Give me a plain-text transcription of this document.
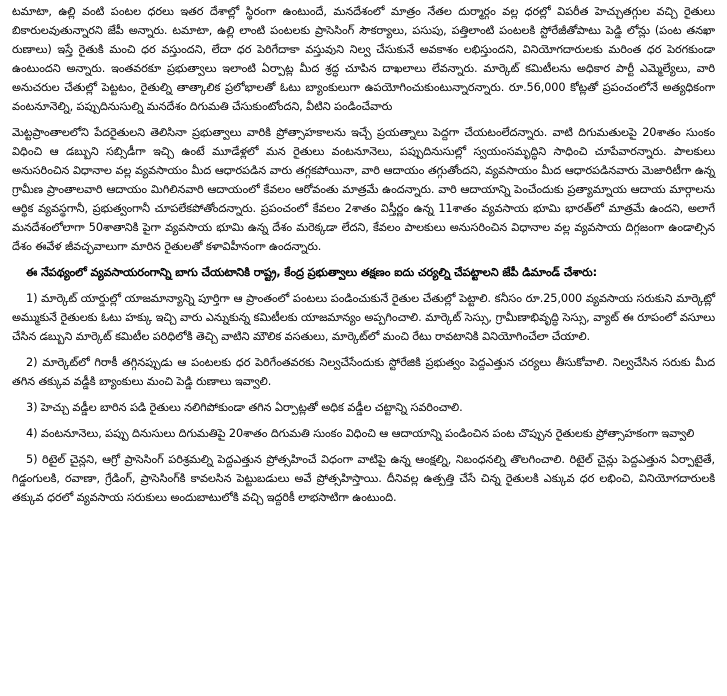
టమాటా, ఉల్లి వంటి పంటల ధరలు ఇతర దేశాల్లో స్థిరంగా ఉంటుందే, మనదేశంలో మాత్రం నేతల దుర్మార్గం వల్ల ధరల్లో విపరీత హెచ్చుతగ్గుల వచ్చి రైతులు బికారులవుతున్నారని జేపీ అన్నారు. టమాటా, ఉల్లి లాంటి పంటలకు ప్రాసెసింగ్ సౌకర్యాలు, పసుపు, పత్తిలాంటి పంటలకి స్టోరేజీతోపాటు పెడ్డి లోన్లు (పంట తనఖా రుణాలు) ఇస్తే రైతుకి మంచి ధర వస్తుందని, లేదా ధర పెరిగేదాకా వస్తువుని నిల్వ చేసుకునే అవకాశం లభిస్తుందని, వినియోగదారులకు మరింత ధర పెరగకుండా ఉంటుందని అన్నారు. ఇంతవరకూ ప్రభుత్వాలు ఇలాంటి ఏర్పాట్ల మీద శ్రద్ధ చూపిన దాఖలాలు లేవన్నారు. మార్కెట్ కమిటీలను అధికార పార్టీ ఎమ్మెల్యేలు, వారి అనుచరుల చేతుల్లో పెట్టటం, రైతుల్ని తాత్కాలిక ప్రలోభాలతో ఓటు బ్యాంకులుగా ఉపయోగించుకుంటున్నారన్నారు. రూ.56,000 కోట్లతో ప్రపంచంలోనే అత్యధికంగా వంటనూనెల్ని, పప్పుదినుసుల్ని మనదేశం దిగుమతి చేసుకుంటోందని, వీటిని పండించేవారు

మెట్టప్రాంతాలలోని పేదరైతులని తెలిసినా ప్రభుత్వాలు వారికి ప్రోత్సాహకాలను ఇచ్చే ప్రయత్నాలు పెద్దగా చేయటంలేదన్నారు. వాటి దిగుమతులపై 20శాతం సుంకం విధించి ఆ డబ్బుని సబ్సిడీగా ఇచ్చి ఉంటే మూడేళ్లలో మన రైతులు వంటనూనెలు, పప్పుదినుసుల్లో స్వయంసమృద్ధిని సాధించి చూపేవారన్నారు. పాలకులు అనుసరించిన విధానాల వల్ల వ్యవసాయం మీద ఆధారపడిన వారు తగ్గకపోయినా, వారి ఆదాయం తగ్గుతోందని, వ్యవసాయం మీద ఆధారపడినవారు మెజారిటీగా ఉన్న గ్రామీణ ప్రాంతాలవారి ఆదాయం మిగిలినవారి ఆదాయంలో కేవలం ఆరోవంతు మాత్రమే ఉందన్నారు. వారి ఆదాయాన్ని పెంచేందుకు ప్రత్యామ్నాయ ఆదాయ మార్గాలను ఆర్థిక వ్యవస్థగానీ, ప్రభుత్వంగానీ చూపలేకపోతోందన్నారు. ప్రపంచంలో కేవలం 2శాతం విస్తీర్ణం ఉన్న 11శాతం వ్యవసాయ భూమి భారత్‌లో మాత్రమే ఉందని, అలాగే మనదేశంలోలాగా 50శాతానికి పైగా వ్యవసాయ భూమి ఉన్న దేశం మరెక్కడా లేదని, కేవలం పాలకులు అనుసరించిన విధానాల వల్ల వ్యవసాయ దిగ్గజంగా ఉండాల్సిన దేశం ఈవేళ జీవచ్ఛవాలుగా మారిన రైతులతో కళావిహీనంగా ఉందన్నారు.

ఈ నేపథ్యంలో వ్యవసాయరంగాన్ని బాగు చేయటానికి రాష్ట్ర, కేంద్ర ప్రభుత్వాలు తక్షణం ఐదు చర్యల్ని చేపట్టాలని జేపీ డిమాండ్ చేశారు:

1) మార్కెట్ యార్డుల్లో యాజమాన్యాన్ని పూర్తిగా ఆ ప్రాంతంలో పంటలు పండించుకునే రైతుల చేతుల్లో పెట్టాలి. కనీసం రూ.25,000 వ్యవసాయ సరుకుని మార్కెట్లో అమ్ముకునే రైతులకు ఓటు హక్కు ఇచ్చి వారు ఎన్నుకున్న కమిటీలకు యాజమాన్యం అప్పగించాలి. మార్కెట్ సెస్సు, గ్రామీణాభివృద్ధి సెస్సు, వ్యాట్ ఈ రూపంలో వసూలు చేసిన డబ్బుని మార్కెట్ కమిటీల పరిధిలోకి తెచ్చి వాటిని మౌలిక వసతులు, మార్కెట్‌లో మంచి రేటు రావటానికి వినియోగించేలా చేయాలి.

2) మార్కెట్‌లో గిరాకీ తగ్గినప్పుడు ఆ పంటలకు ధర పెరిగేంతవరకు నిల్వచేసేందుకు స్టోరేజికి ప్రభుత్వం పెద్దఎత్తున చర్యలు తీసుకోవాలి. నిల్వచేసిన సరుకు మీద తగిన తక్కువ వడ్డీకి బ్యాంకులు మంచి పెడ్డి రుణాలు ఇవ్వాలి.

3) హెచ్చు వడ్డీల బారిన పడి రైతులు నలిగిపోకుండా తగిన ఏర్పాట్లతో అధిక వడ్డీల చట్టాన్ని సవరించాలి.

4) వంటనూనెలు, పప్పు దినుసులు దిగుమతిపై 20శాతం దిగుమతి సుంకం విధించి ఆ ఆదాయాన్ని పండించిన పంట చొప్పున రైతులకు ప్రోత్సాహకంగా ఇవ్వాలి

5) రిటైల్ చైన్లని, ఆగ్రో ప్రాసెసింగ్ పరిశ్రమల్ని పెద్దఎత్తున ప్రోత్సహించే విధంగా వాటిపై ఉన్న ఆంక్షల్ని, నిబంధనల్ని తొలగించాలి. రిటైల్ చైన్లు పెద్దఎత్తున ఏర్పాటైతే, గిడ్డంగులకి, రవాణా, గ్రేడింగ్, ప్రాసెసింగ్‌కి కావలసిన పెట్టుబడులు అవే ప్రోత్సహిస్తాయి. దీనివల్ల ఉత్పత్తి చేసే చిన్న రైతులకి ఎక్కువ ధర లభించి, వినియోగదారులకి తక్కువ ధరలో వ్యవసాయ సరుకులు అందుబాటులోకి వచ్చి ఇద్దరికీ లాభసాటిగా ఉంటుంది.
